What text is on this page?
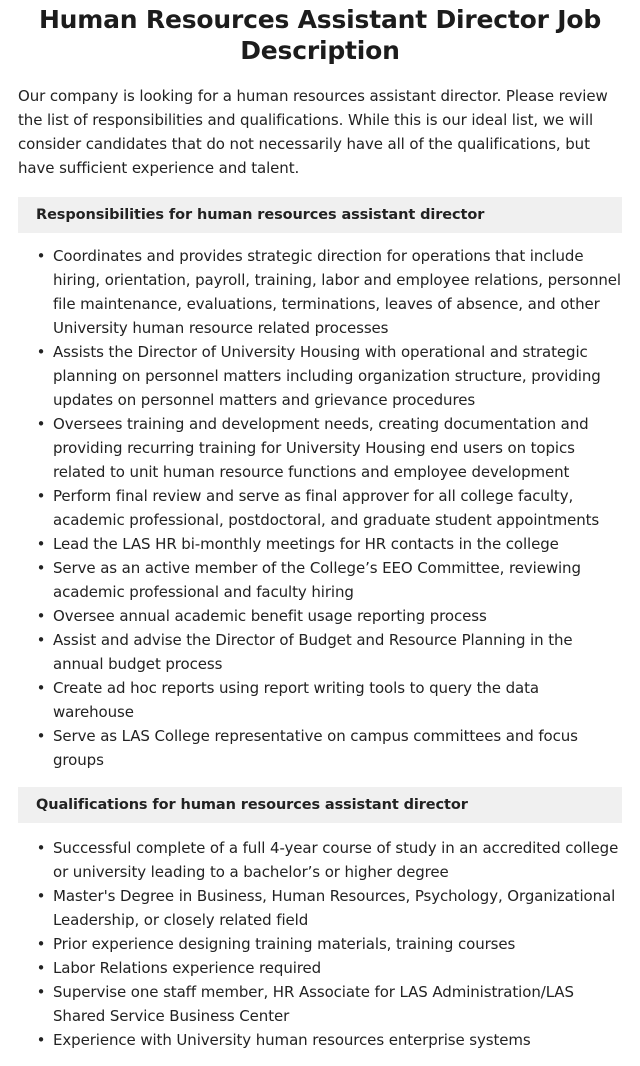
Human Resources Assistant Director Job Description

Our company is looking for a human resources assistant director. Please review the list of responsibilities and qualifications. While this is our ideal list, we will consider candidates that do not necessarily have all of the qualifications, but have sufficient experience and talent.

Responsibilities for human resources assistant director
• Coordinates and provides strategic direction for operations that include hiring, orientation, payroll, training, labor and employee relations, personnel file maintenance, evaluations, terminations, leaves of absence, and other University human resource related processes
• Assists the Director of University Housing with operational and strategic planning on personnel matters including organization structure, providing updates on personnel matters and grievance procedures
• Oversees training and development needs, creating documentation and providing recurring training for University Housing end users on topics related to unit human resource functions and employee development
• Perform final review and serve as final approver for all college faculty, academic professional, postdoctoral, and graduate student appointments
• Lead the LAS HR bi-monthly meetings for HR contacts in the college
• Serve as an active member of the College’s EEO Committee, reviewing academic professional and faculty hiring
• Oversee annual academic benefit usage reporting process
• Assist and advise the Director of Budget and Resource Planning in the annual budget process
• Create ad hoc reports using report writing tools to query the data warehouse
• Serve as LAS College representative on campus committees and focus groups
Qualifications for human resources assistant director
• Successful complete of a full 4-year course of study in an accredited college or university leading to a bachelor’s or higher degree
• Master's Degree in Business, Human Resources, Psychology, Organizational Leadership, or closely related field
• Prior experience designing training materials, training courses
• Labor Relations experience required
• Supervise one staff member, HR Associate for LAS Administration/LAS Shared Service Business Center
• Experience with University human resources enterprise systems
